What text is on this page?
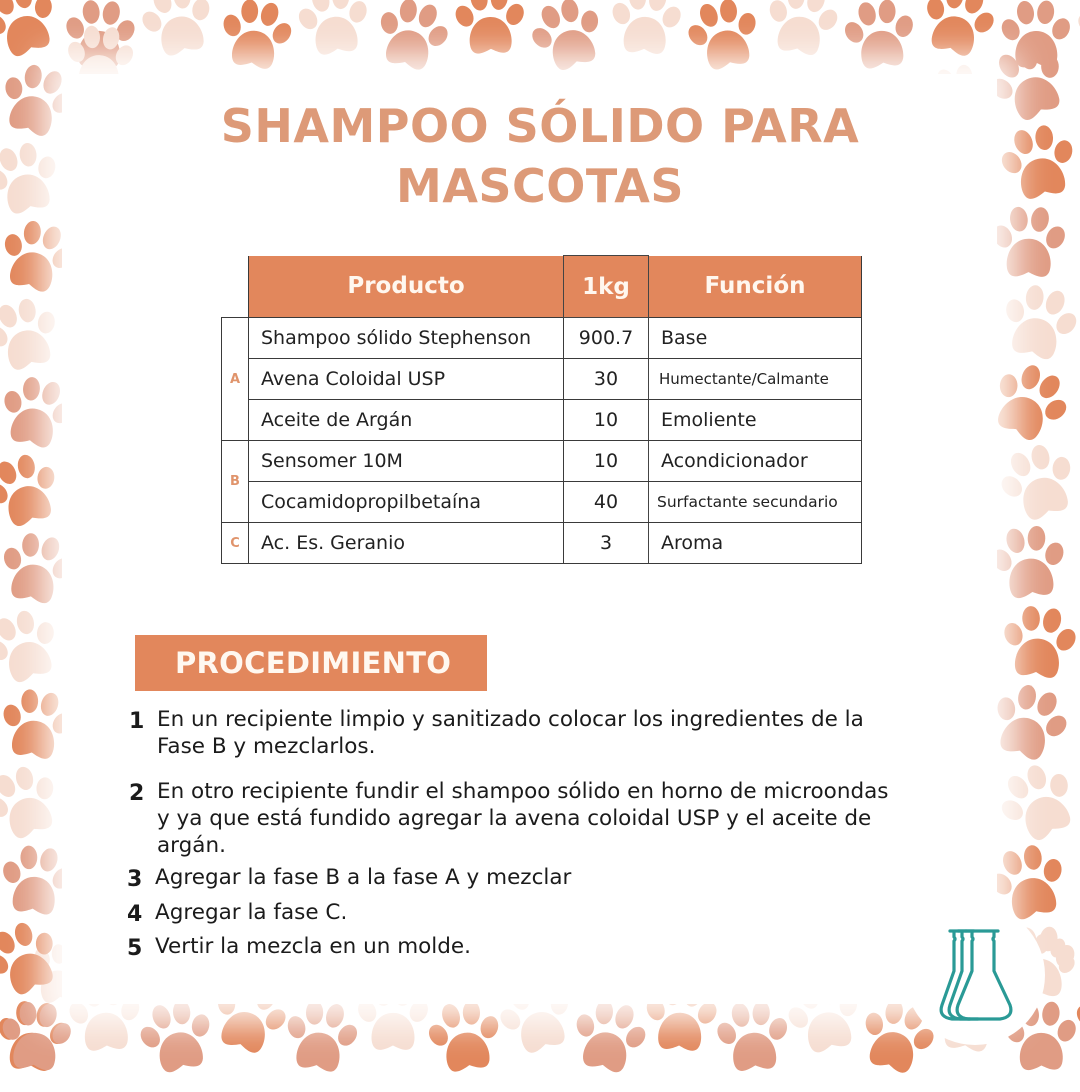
SHAMPOO SÓLIDO PARA
MASCOTAS
	Producto	1kg	Función
A	Shampoo sólido Stephenson	900.7	Base
	Avena Coloidal USP	30	Humectante/Calmante
	Aceite de Argán	10	Emoliente
B	Sensomer 10M	10	Acondicionador
	Cocamidopropilbetaína	40	Surfactante secundario
C	Ac. Es. Geranio	3	Aroma
PROCEDIMIENTO
1 En un recipiente limpio y sanitizado colocar los ingredientes de la Fase B y mezclarlos.
2 En otro recipiente fundir el shampoo sólido en horno de microondas y ya que está fundido agregar la avena coloidal USP y el aceite de argán.
3 Agregar la fase B a la fase A y mezclar
4 Agregar la fase C.
5 Vertir la mezcla en un molde.
